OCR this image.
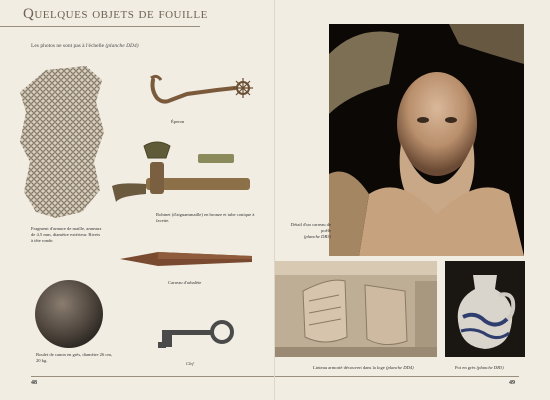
Quelques objets de fouille
Les photos ne sont pas à l'échelle (planche DD4)
Fragment d'armure de maille, anneaux de 4,5 mm, diamètre extérieur. Rivets à tête ronde.
Éperon
Robinet (d'aiguammaille) en bronze et tube conique à facette.
Carreau d'arbalète
Boulet de canon en grès, diamètre 26 cm, 20 kg.
Clef
48
Détail d'un carreau de poêle
(planche DB3)
Linteau armorié découvert dans la loge (planche DD4)	Pot en grès (planche DB3)
49
